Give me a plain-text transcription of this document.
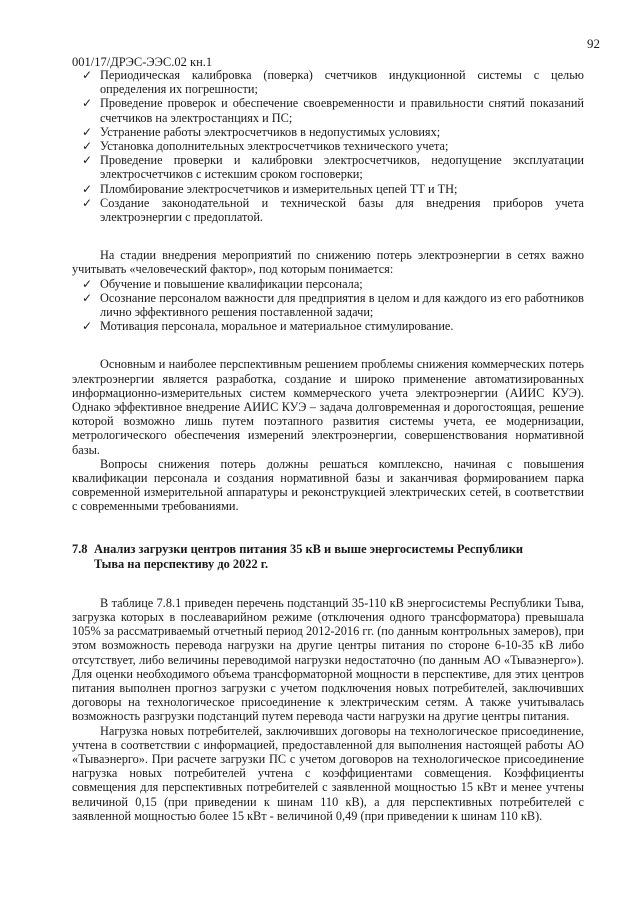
92
001/17/ДРЭС-ЭЭС.02 кн.1
✓ Периодическая калибровка (поверка) счетчиков индукционной системы с целью определения их погрешности;
✓ Проведение проверок и обеспечение своевременности и правильности снятий показаний счетчиков на электростанциях и ПС;
✓ Устранение работы электросчетчиков в недопустимых условиях;
✓ Установка дополнительных электросчетчиков технического учета;
✓ Проведение проверки и калибровки электросчетчиков, недопущение эксплуатации электросчетчиков с истекшим сроком госповерки;
✓ Пломбирование электросчетчиков и измерительных цепей ТТ и ТН;
✓ Создание законодательной и технической базы для внедрения приборов учета электроэнергии с предоплатой.

На стадии внедрения мероприятий по снижению потерь электроэнергии в сетях важно учитывать «человеческий фактор», под которым понимается:

✓ Обучение и повышение квалификации персонала;
✓ Осознание персоналом важности для предприятия в целом и для каждого из его работников лично эффективного решения поставленной задачи;
✓ Мотивация персонала, моральное и материальное стимулирование.

Основным и наиболее перспективным решением проблемы снижения коммерческих потерь электроэнергии является разработка, создание и широко применение автоматизированных информационно-измерительных систем коммерческого учета электроэнергии (АИИС КУЭ). Однако эффективное внедрение АИИС КУЭ – задача долговременная и дорогостоящая, решение которой возможно лишь путем поэтапного развития системы учета, ее модернизации, метрологического обеспечения измерений электроэнергии, совершенствования нормативной базы.

Вопросы снижения потерь должны решаться комплексно, начиная с повышения квалификации персонала и создания нормативной базы и заканчивая формированием парка современной измерительной аппаратуры и реконструкцией электрических сетей, в соответствии с современными требованиями.

7.8 Анализ загрузки центров питания 35 кВ и выше энергосистемы Республики
Тыва на перспективу до 2022 г.

В таблице 7.8.1 приведен перечень подстанций 35-110 кВ энергосистемы Республики Тыва, загрузка которых в послеаварийном режиме (отключения одного трансформатора) превышала 105% за рассматриваемый отчетный период 2012-2016 гг. (по данным контрольных замеров), при этом возможность перевода нагрузки на другие центры питания по стороне 6-10-35 кВ либо отсутствует, либо величины переводимой нагрузки недостаточно (по данным АО «Тываэнерго»). Для оценки необходимого объема трансформаторной мощности в перспективе, для этих центров питания выполнен прогноз загрузки с учетом подключения новых потребителей, заключивших договоры на технологическое присоединение к электрическим сетям. А также учитывалась возможность разгрузки подстанций путем перевода части нагрузки на другие центры питания.

Нагрузка новых потребителей, заключивших договоры на технологическое присоединение, учтена в соответствии с информацией, предоставленной для выполнения настоящей работы АО «Тываэнерго». При расчете загрузки ПС с учетом договоров на технологическое присоединение нагрузка новых потребителей учтена с коэффициентами совмещения. Коэффициенты совмещения для перспективных потребителей с заявленной мощностью 15 кВт и менее учтены величиной 0,15 (при приведении к шинам 110 кВ), а для перспективных потребителей с заявленной мощностью более 15 кВт - величиной 0,49 (при приведении к шинам 110 кВ).
